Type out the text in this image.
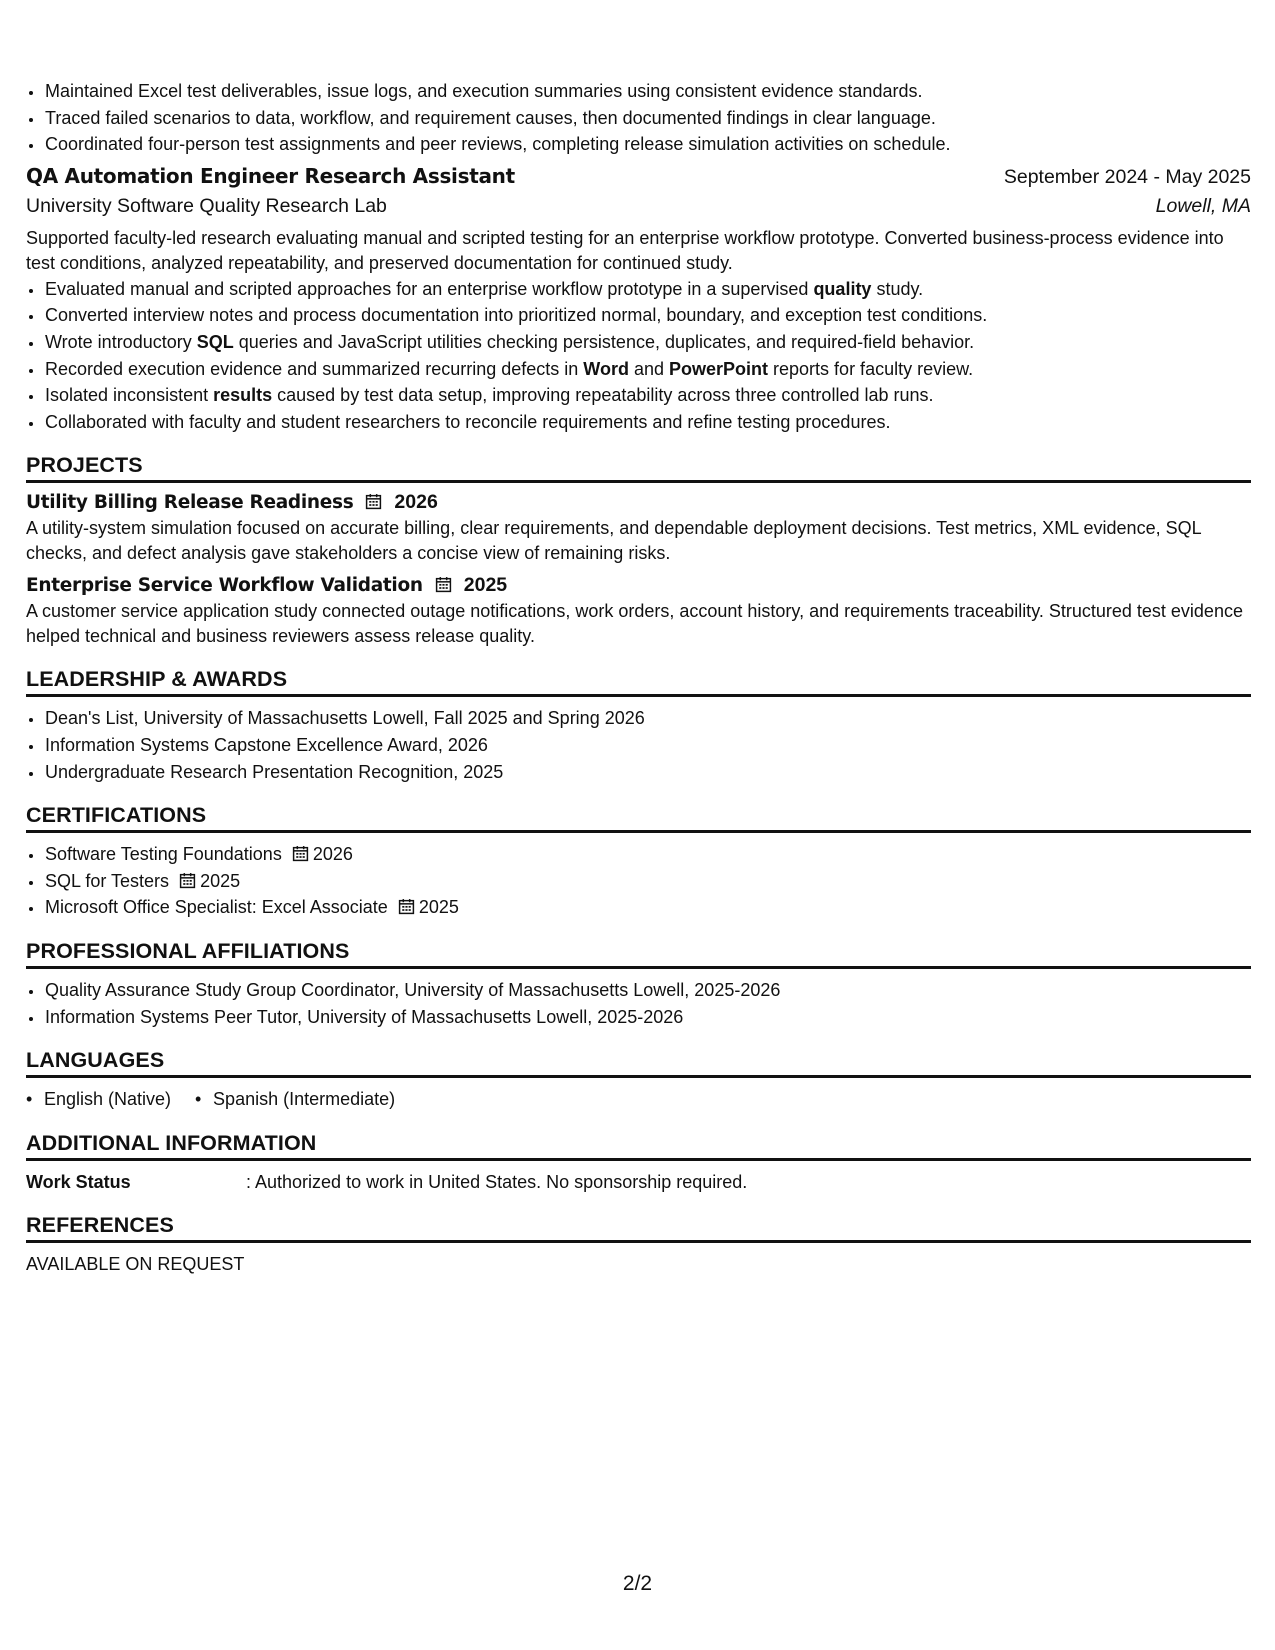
• Maintained Excel test deliverables, issue logs, and execution summaries using consistent evidence standards.
• Traced failed scenarios to data, workflow, and requirement causes, then documented findings in clear language.
• Coordinated four-person test assignments and peer reviews, completing release simulation activities on schedule.
QA Automation Engineer Research Assistant	September 2024 - May 2025
University Software Quality Research Lab	Lowell, MA
Supported faculty-led research evaluating manual and scripted testing for an enterprise workflow prototype. Converted business-process evidence into test conditions, analyzed repeatability, and preserved documentation for continued study.
• Evaluated manual and scripted approaches for an enterprise workflow prototype in a supervised quality study.
• Converted interview notes and process documentation into prioritized normal, boundary, and exception test conditions.
• Wrote introductory SQL queries and JavaScript utilities checking persistence, duplicates, and required-field behavior.
• Recorded execution evidence and summarized recurring defects in Word and PowerPoint reports for faculty review.
• Isolated inconsistent results caused by test data setup, improving repeatability across three controlled lab runs.
• Collaborated with faculty and student researchers to reconcile requirements and refine testing procedures.
PROJECTS
Utility Billing Release Readiness 2026
A utility-system simulation focused on accurate billing, clear requirements, and dependable deployment decisions. Test metrics, XML evidence, SQL checks, and defect analysis gave stakeholders a concise view of remaining risks.
Enterprise Service Workflow Validation 2025
A customer service application study connected outage notifications, work orders, account history, and requirements traceability. Structured test evidence helped technical and business reviewers assess release quality.
LEADERSHIP & AWARDS
• Dean's List, University of Massachusetts Lowell, Fall 2025 and Spring 2026
• Information Systems Capstone Excellence Award, 2026
• Undergraduate Research Presentation Recognition, 2025
CERTIFICATIONS
• Software Testing Foundations 2026
• SQL for Testers 2025
• Microsoft Office Specialist: Excel Associate 2025
PROFESSIONAL AFFILIATIONS
• Quality Assurance Study Group Coordinator, University of Massachusetts Lowell, 2025-2026
• Information Systems Peer Tutor, University of Massachusetts Lowell, 2025-2026
LANGUAGES
• English (Native)
•	Spanish (Intermediate)
ADDITIONAL INFORMATION
Work Status	: Authorized to work in United States. No sponsorship required.
REFERENCES
AVAILABLE ON REQUEST
2/2
